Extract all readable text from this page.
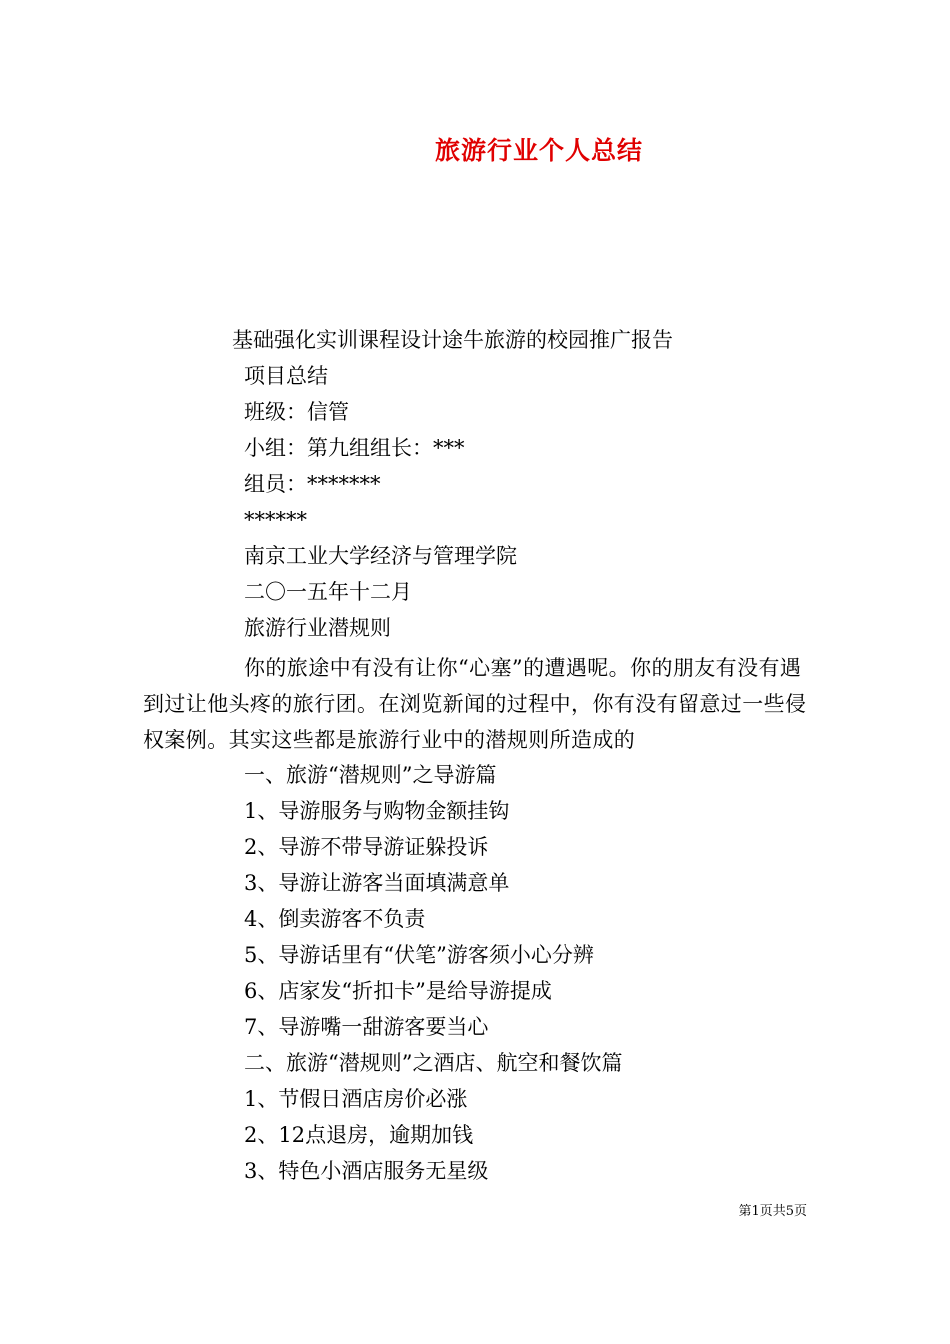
旅游行业个人总结
基础强化实训课程设计途牛旅游的校园推广报告
项目总结
班级：信管
小组：第九组组长：***
组员：*******
******
南京工业大学经济与管理学院
二〇一五年十二月
旅游行业潜规则
你的旅途中有没有让你“心塞”的遭遇呢。你的朋友有没有遇到过让他头疼的旅行团。在浏览新闻的过程中，你有没有留意过一些侵权案例。其实这些都是旅游行业中的潜规则所造成的
一、旅游“潜规则”之导游篇
1、导游服务与购物金额挂钩
2、导游不带导游证躲投诉
3、导游让游客当面填满意单
4、倒卖游客不负责
5、导游话里有“伏笔”游客须小心分辨
6、店家发“折扣卡”是给导游提成
7、导游嘴一甜游客要当心
二、旅游“潜规则”之酒店、航空和餐饮篇
1、节假日酒店房价必涨
2、12点退房，逾期加钱
3、特色小酒店服务无星级
第1页共5页
